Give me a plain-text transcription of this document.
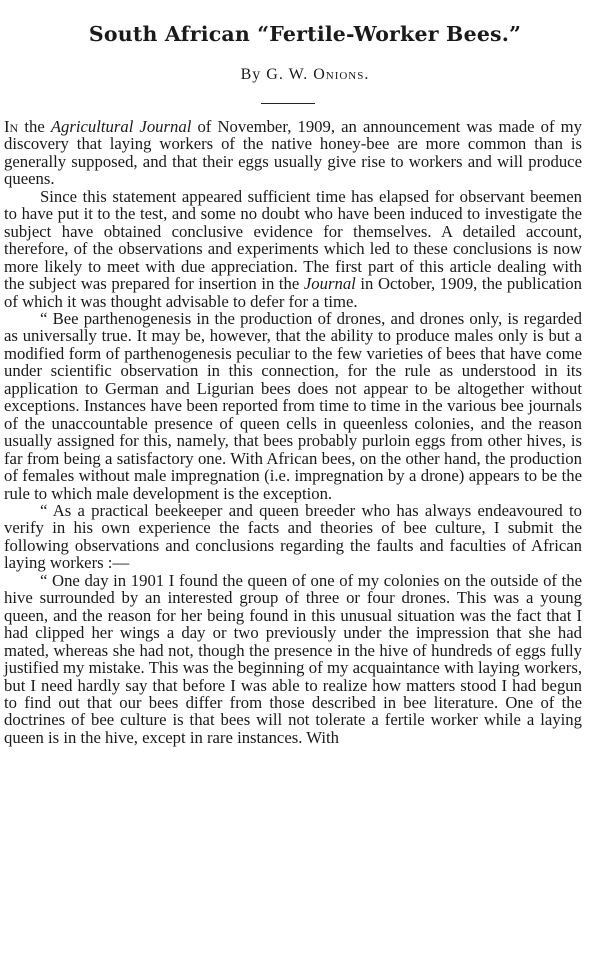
South African “Fertile-Worker Bees.”

By G. W. Onions.

In the Agricultural Journal of November, 1909, an announcement was made of my discovery that laying workers of the native honey-bee are more common than is generally supposed, and that their eggs usually give rise to workers and will produce queens.

Since this statement appeared sufficient time has elapsed for observant beemen to have put it to the test, and some no doubt who have been induced to investigate the subject have obtained conclusive evidence for themselves. A detailed account, therefore, of the observations and experiments which led to these conclusions is now more likely to meet with due appreciation. The first part of this article dealing with the subject was prepared for insertion in the Journal in October, 1909, the publication of which it was thought advisable to defer for a time.

“ Bee parthenogenesis in the production of drones, and drones only, is regarded as universally true. It may be, however, that the ability to produce males only is but a modified form of parthenogenesis peculiar to the few varieties of bees that have come under scientific observation in this connection, for the rule as understood in its application to German and Ligurian bees does not appear to be altogether without exceptions. Instances have been reported from time to time in the various bee journals of the unaccountable presence of queen cells in queenless colonies, and the reason usually assigned for this, namely, that bees probably purloin eggs from other hives, is far from being a satisfactory one. With African bees, on the other hand, the production of females without male impregnation (i.e. impregnation by a drone) appears to be the rule to which male development is the exception.

“ As a practical beekeeper and queen breeder who has always endeavoured to verify in his own experience the facts and theories of bee culture, I submit the following observations and conclusions regarding the faults and faculties of African laying workers :—

“ One day in 1901 I found the queen of one of my colonies on the outside of the hive surrounded by an interested group of three or four drones. This was a young queen, and the reason for her being found in this unusual situation was the fact that I had clipped her wings a day or two previously under the impression that she had mated, whereas she had not, though the presence in the hive of hundreds of eggs fully justified my mistake. This was the beginning of my acquaintance with laying workers, but I need hardly say that before I was able to realize how matters stood I had begun to find out that our bees differ from those described in bee literature. One of the doctrines of bee culture is that bees will not tolerate a fertile worker while a laying queen is in the hive, except in rare instances. With
